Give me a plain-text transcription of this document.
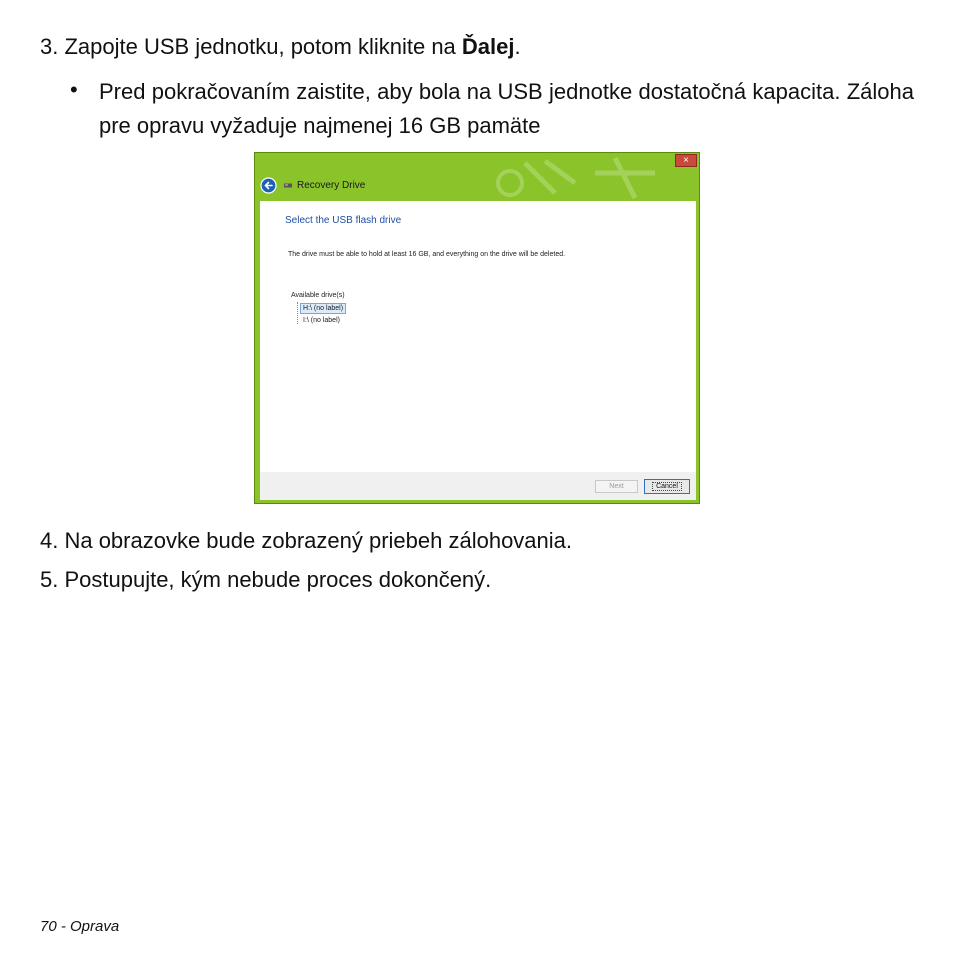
3. Zapojte USB jednotku, potom kliknite na Ďalej.
• Pred pokračovaním zaistite, aby bola na USB jednotke dostatočná kapacita. Záloha pre opravu vyžaduje najmenej 16 GB pamäte
×
Recovery Drive
Select the USB flash drive
The drive must be able to hold at least 16 GB, and everything on the drive will be deleted.
Available drive(s)
H:\ (no label)
I:\ (no label)
Next	Cancel
4. Na obrazovke bude zobrazený priebeh zálohovania.
5. Postupujte, kým nebude proces dokončený.
70 - Oprava
